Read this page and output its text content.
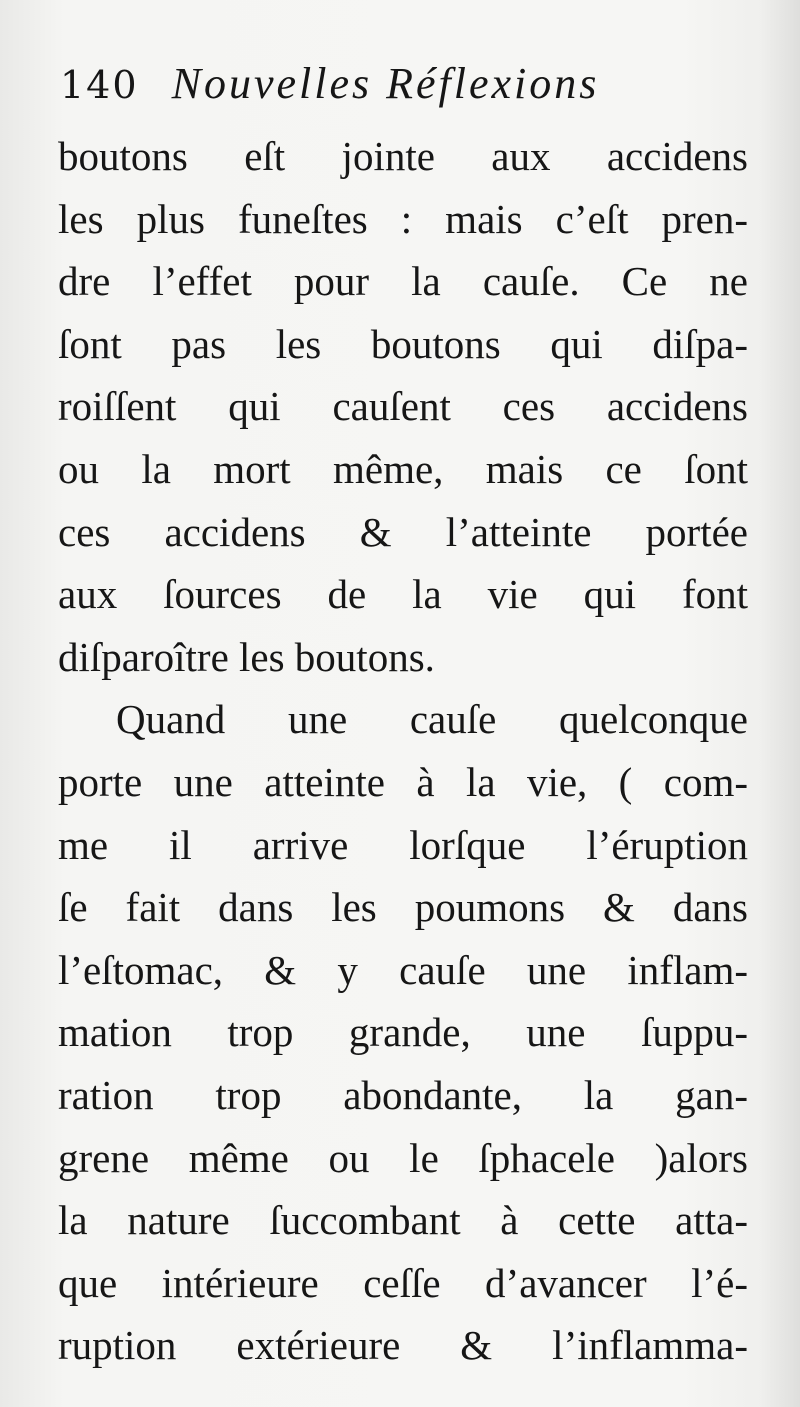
140 Nouvelles Réflexions
boutons eſt jointe aux accidens
les plus funeſtes : mais c’eſt pren-
dre l’effet pour la cauſe. Ce ne
ſont pas les boutons qui diſpa-
roiſſent qui cauſent ces accidens
ou la mort même, mais ce ſont
ces accidens & l’atteinte portée
aux ſources de la vie qui font
diſparoître les boutons.
Quand une cauſe quelconque
porte une atteinte à la vie, ( com-
me il arrive lorſque l’éruption
ſe fait dans les poumons & dans
l’eſtomac, & y cauſe une inflam-
mation trop grande, une ſuppu-
ration trop abondante, la gan-
grene même ou le ſphacele )alors
la nature ſuccombant à cette atta-
que intérieure ceſſe d’avancer l’é-
ruption extérieure & l’inflamma-
